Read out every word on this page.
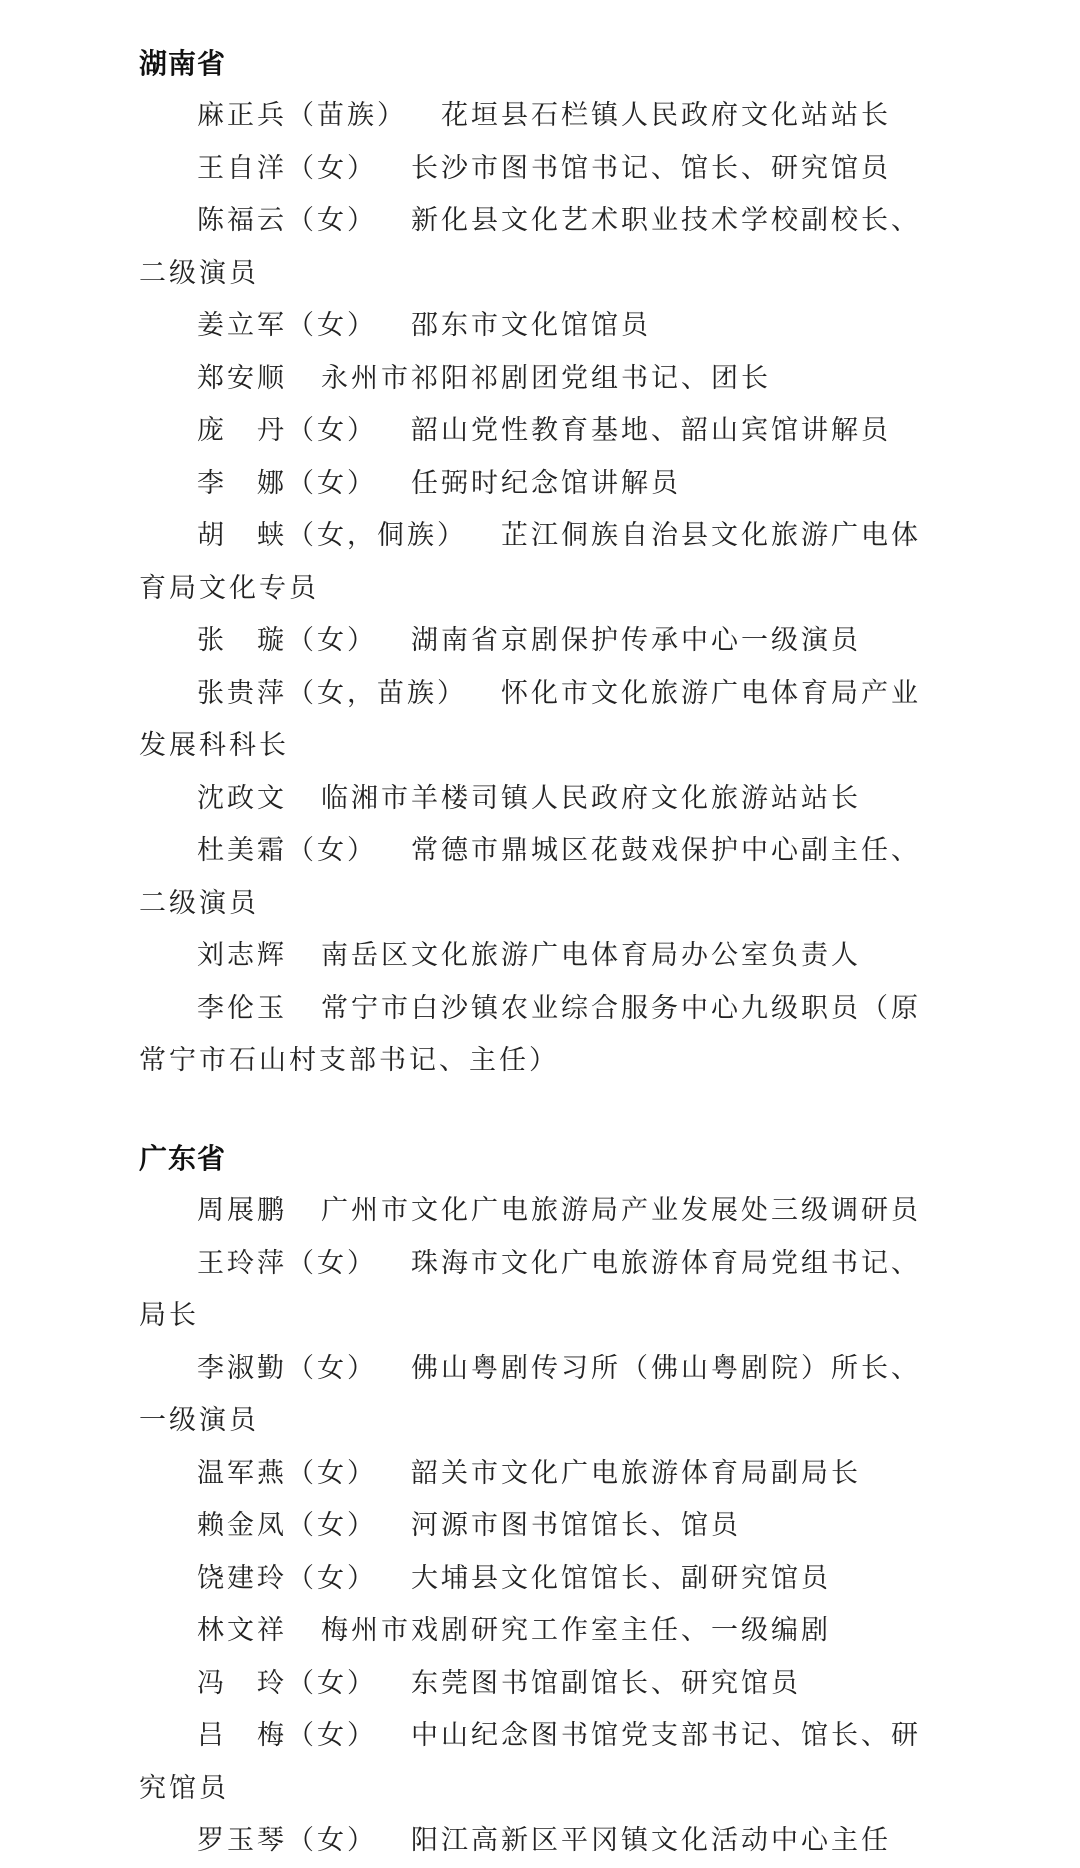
湖南省
麻正兵（苗族） 花垣县石栏镇人民政府文化站站长
王自洋（女） 长沙市图书馆书记、馆长、研究馆员
陈福云（女） 新化县文化艺术职业技术学校副校长、二级演员
姜立军（女） 邵东市文化馆馆员
郑安顺 永州市祁阳祁剧团党组书记、团长
庞　丹（女） 韶山党性教育基地、韶山宾馆讲解员
李　娜（女） 任弼时纪念馆讲解员
胡　蛱（女，侗族） 芷江侗族自治县文化旅游广电体育局文化专员
张　璇（女） 湖南省京剧保护传承中心一级演员
张贵萍（女，苗族） 怀化市文化旅游广电体育局产业发展科科长
沈政文 临湘市羊楼司镇人民政府文化旅游站站长
杜美霜（女） 常德市鼎城区花鼓戏保护中心副主任、二级演员
刘志辉 南岳区文化旅游广电体育局办公室负责人
李伦玉 常宁市白沙镇农业综合服务中心九级职员（原常宁市石山村支部书记、主任）
广东省
周展鹏 广州市文化广电旅游局产业发展处三级调研员
王玲萍（女） 珠海市文化广电旅游体育局党组书记、局长
李淑勤（女） 佛山粤剧传习所（佛山粤剧院）所长、一级演员
温军燕（女） 韶关市文化广电旅游体育局副局长
赖金凤（女） 河源市图书馆馆长、馆员
饶建玲（女） 大埔县文化馆馆长、副研究馆员
林文祥 梅州市戏剧研究工作室主任、一级编剧
冯　玲（女） 东莞图书馆副馆长、研究馆员
吕　梅（女） 中山纪念图书馆党支部书记、馆长、研究馆员
罗玉琴（女） 阳江高新区平冈镇文化活动中心主任
